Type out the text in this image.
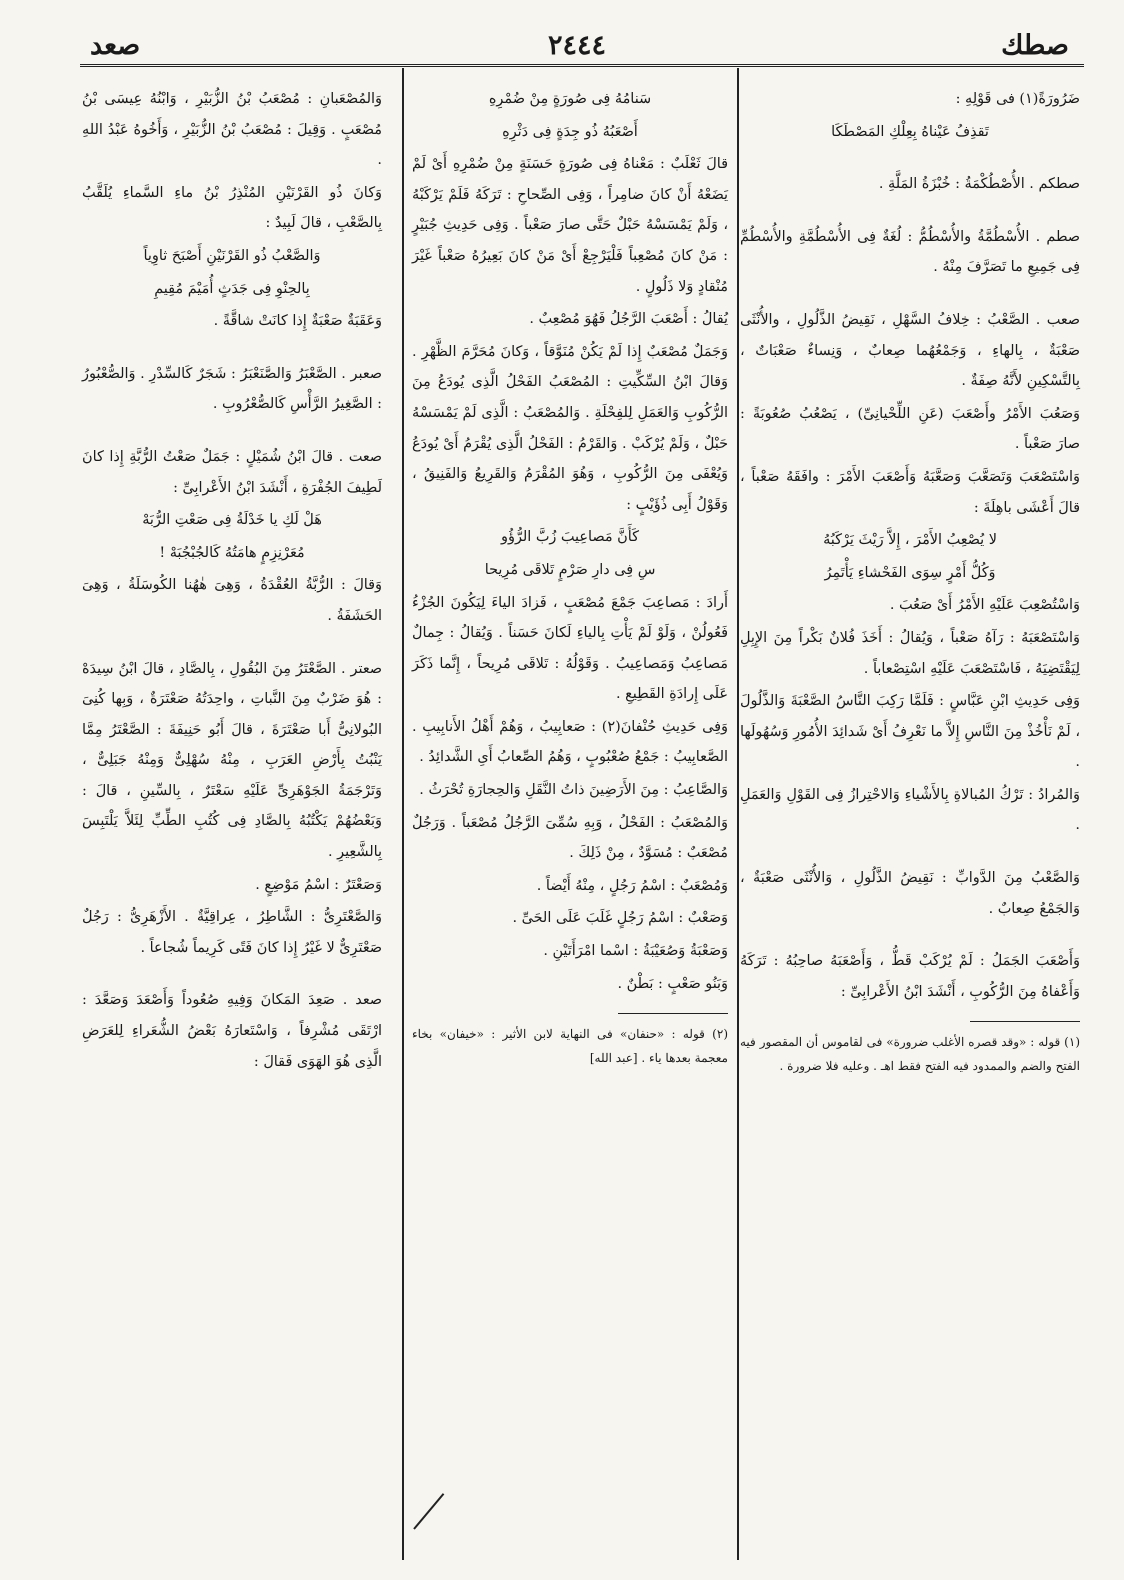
صطك
٢٤٤٤
صعد

ضَرُورَةً(١) فى قَوْلِهِ :

تَقذِفُ عَيْناهُ بِعِلْكِ المَصْطَكَا

صطكم . الأُصْطُكْمَةُ : خُبْزَةُ المَلَّةِ .

صطم . الأُسْطُمَّةُ والأُسْطُمُّ : لُغَةٌ فِى الأُسْطُمَّةِ والأُسْطُمِّ فِى جَمِيعِ ما تَصَرَّفَ مِنْهُ .

صعب . الصَّعْبُ : خِلافُ السَّهْلِ ، نَقِيضُ الذَّلُولِ ، والأُنْثَى صَعْبَةٌ ، بِالهاءِ ، وَجَمْعُهُما صِعابٌ ، وَنِساءٌ صَعْبَاتٌ ، بِالتَّسْكِينِ لأَنَّهُ صِفَةٌ .

وَصَعُبَ الأَمْرُ وأَصْعَبَ (عَنِ اللِّحْيانِىِّ) ، يَصْعُبُ صُعُوبَةً : صارَ صَعْباً .

وَاسْتَصْعَبَ وَتَصَعَّبَ وَصَعَّبَهُ وَأَصْعَبَ الأَمْرَ : وافَقَهُ صَعْباً ، قالَ أَعْشَى باهِلَةَ :

لا يُصْعِبُ الأَمْرَ ، إِلاَّ رَيْثَ يَرْكَبُهُ

وَكُلُّ أَمْرٍ سِوَى الفَحْشاءِ يَأْتَمِرُ

وَاسْتُصْعِبَ عَلَيْهِ الأَمْرُ أَىْ صَعُبَ .

وَاسْتَصْعَبَهُ : رَآهُ صَعْباً ، وَيُقالُ : أَخَذَ فُلانٌ بَكْراً مِنَ الإِبِلِ لِيَقْتَضِيَهُ ، فَاسْتَصْعَبَ عَلَيْهِ اسْتِصْعاباً .

وَفِى حَدِيثِ ابْنِ عَبَّاسٍ : فَلَمَّا رَكِبَ النَّاسُ الصَّعْبَةَ وَالذَّلُولَ ، لَمْ نَأْخُذْ مِنَ النَّاسِ إِلاَّ ما نَعْرِفُ أَىْ شَدائِدَ الأُمُورِ وَسُهُولَها .

وَالمُرادُ : تَرْكُ المُبالاةِ بِالأَشْياءِ وَالاحْتِرازُ فِى القَوْلِ وَالعَمَلِ .

وَالصَّعْبُ مِنَ الدَّوابِّ : نَقِيضُ الذَّلُولِ ، وَالأُنْثَى صَعْبَةٌ ، وَالجَمْعُ صِعابٌ .

وَأَصْعَبَ الجَمَلُ : لَمْ يُرْكَبْ قَطُّ ، وَأَصْعَبَهُ صاحِبُهُ : تَرَكَهُ وَأَعْفاهُ مِنَ الرُّكُوبِ ، أَنْشَدَ ابْنُ الأَعْرابِىِّ :

(١) قوله : «وقد قصره الأغلب ضرورة» فى لقاموس أن المقصور فيه الفتح والضم والممدود فيه الفتح فقط اهـ . وعليه فلا ضرورة .

سَنامُهُ فِى صُورَةٍ مِنْ ضُمْرِهِ

أَصْعَبُهُ ذُو جِدَةٍ فِى دَثْرِهِ

قالَ ثَعْلَبٌ : مَعْناهُ فِى صُورَةٍ حَسَنَةٍ مِنْ ضُمْرِهِ أَىْ لَمْ يَضَعْهُ أَنْ كانَ ضامِراً ، وَفِى الصِّحاحِ : تَرَكَهُ فَلَمْ يَرْكَبْهُ ، وَلَمْ يَمْسَسْهُ حَبْلٌ حَتَّى صارَ صَعْباً . وَفِى حَدِيثِ جُبَيْرٍ : مَنْ كانَ مُصْعِباً فَلْيَرْجِعْ أَىْ مَنْ كانَ بَعِيرُهُ صَعْباً غَيْرَ مُنْقادٍ وَلا ذَلُولٍ .

يُقالُ : أَصْعَبَ الرَّجُلُ فَهُوَ مُصْعِبٌ .

وَجَمَلٌ مُصْعَبٌ إِذا لَمْ يَكُنْ مُنَوَّقاً ، وَكانَ مُحَرَّمَ الظَّهْرِ . وَقالَ ابْنُ السِّكِّيتِ : المُصْعَبُ الفَحْلُ الَّذِى يُودَعُ مِنَ الرُّكُوبِ وَالعَمَلِ لِلفِحْلَةِ . وَالمُصْعَبُ : الَّذِى لَمْ يَمْسَسْهُ حَبْلٌ ، وَلَمْ يُرْكَبْ . وَالقَرْمُ : الفَحْلُ الَّذِى يُقْرَمُ أَىْ يُودَعُ وَيُعْفَى مِنَ الرُّكُوبِ ، وَهُوَ المُقْرَمُ وَالقَرِيعُ وَالفَنِيقُ ، وَقَوْلُ أَبِى ذُؤَيْبٍ :

كَأَنَّ مَصاعِيبَ زُبَّ الرُّؤُو

سِ فِى دارِ صَرْمٍ تَلاقَى مُرِيحا

أَرادَ : مَصاعِبَ جَمْعَ مُصْعَبٍ ، فَزادَ الياءَ لِيَكُونَ الجُزْءُ فَعُولُنْ ، وَلَوْ لَمْ يَأْتِ بِالياءِ لَكانَ حَسَناً . وَيُقالُ : جِمالٌ مَصاعِبُ وَمَصاعِيبُ . وَقَوْلُهُ : تَلاقَى مُرِيحاً ، إِنَّما ذَكَرَ عَلَى إِرادَةِ القَطِيعِ .

وَفِى حَدِيثِ حُنْفانَ(٢) : صَعابِيبُ ، وَهُمْ أَهْلُ الأَنابِيبِ . الصَّعابِيبُ : جَمْعُ صُعْبُوبٍ ، وَهُمُ الصِّعابُ أَىِ الشَّدائِدُ .

وَالصَّاعِبُ : مِنَ الأَرَضِينَ ذاتُ النَّقَلِ وَالحِجارَةِ تُحْرَثُ .

وَالمُصْعَبُ : الفَحْلُ ، وَبِهِ سُمِّىَ الرَّجُلُ مُصْعَباً . وَرَجُلٌ مُصْعَبٌ : مُسَوَّدٌ ، مِنْ ذَلِكَ .

وَمُصْعَبٌ : اسْمُ رَجُلٍ ، مِنْهُ أَيْضاً .

وَصَعْبٌ : اسْمُ رَجُلٍ غَلَبَ عَلَى الحَىِّ .

وَصَعْبَةُ وَصُعَيْبَةُ : اسْما امْرَأَتَيْنِ .

وَبَنُو صَعْبٍ : بَطْنٌ .

(٢) قوله : «حنفان» فى النهاية لابن الأثير : «خيفان» بخاء معجمة بعدها ياء . [عبد الله]

وَالمُصْعَبانِ : مُصْعَبُ بْنُ الزُّبَيْرِ ، وَابْنُهُ عِيسَى بْنُ مُصْعَبٍ . وَقِيلَ : مُصْعَبُ بْنُ الزُّبَيْرِ ، وَأَخُوهُ عَبْدُ اللهِ .

وَكانَ ذُو القَرْنَيْنِ المُنْذِرُ بْنُ ماءِ السَّماءِ يُلَقَّبُ بِالصَّعْبِ ، قالَ لَبِيدٌ :

وَالصَّعْبُ ذُو القَرْنَيْنِ أَصْبَحَ ثاوِياً

بِالحِنْوِ فِى جَدَثٍ أُمَيْمَ مُقِيمِ

وَعَقَبَةٌ صَعْبَةٌ إِذا كانَتْ شاقَّةً .

صعبر . الصَّعْبَرُ وَالصَّنَعْبَرُ : شَجَرٌ كَالسِّدْرِ . وَالصُّعْبُورُ : الصَّغِيرُ الرَّأْسِ كَالصُّعْرُوبِ .

صعت . قالَ ابْنُ شُمَيْلٍ : جَمَلٌ صَعْتُ الرُّبَّةِ إِذا كانَ لَطِيفَ الجُفْرَةِ ، أَنْشَدَ ابْنُ الأَعْرابِىِّ :

هَلْ لَكِ يا خَدْلَةُ فِى صَعْتِ الرُّبَهْ

مُعَرْنِزِمٍ هامَتُهُ كَالجُبْجُبَهْ !

وَقالَ : الرُّبَّةُ العُقْدَةُ ، وَهِىَ هٰهُنا الكُوسَلَةُ ، وَهِىَ الحَشَفَةُ .

صعتر . الصَّعْتَرُ مِنَ البُقُولِ ، بِالصَّادِ ، قالَ ابْنُ سِيدَهْ : هُوَ ضَرْبٌ مِنَ النَّباتِ ، واحِدَتُهُ صَعْتَرَةٌ ، وَبِها كُنِىَ البُولانِىُّ أَبا صَعْتَرَةَ ، قالَ أَبُو حَنِيفَةَ : الصَّعْتَرُ مِمَّا يَنْبُتُ بِأَرْضِ العَرَبِ ، مِنْهُ سُهْلِىٌّ وَمِنْهُ جَبَلِىٌّ ، وَتَرْجَمَةُ الجَوْهَرِىِّ عَلَيْهِ سَعْتَرٌ ، بِالسِّينِ ، قالَ : وَبَعْضُهُمْ يَكْتُبُهُ بِالصَّادِ فِى كُتُبِ الطِّبِّ لِئَلاَّ يَلْتَبِسَ بِالشَّعِيرِ .

وَصَعْتَرٌ : اسْمُ مَوْضِعٍ .

وَالصَّعْتَرِىُّ : الشَّاطِرُ ، عِراقِيَّةٌ . الأَزْهَرِىُّ : رَجُلٌ صَعْتَرِىٌّ لا غَيْرُ إِذا كانَ فَتًى كَرِيماً شُجاعاً .

صعد . صَعِدَ المَكانَ وَفِيهِ صُعُوداً وَأَصْعَدَ وَصَعَّدَ : ارْتَقَى مُشْرِفاً ، وَاسْتَعارَهُ بَعْضُ الشُّعَراءِ لِلعَرَضِ الَّذِى هُوَ الهَوَى فَقالَ :
